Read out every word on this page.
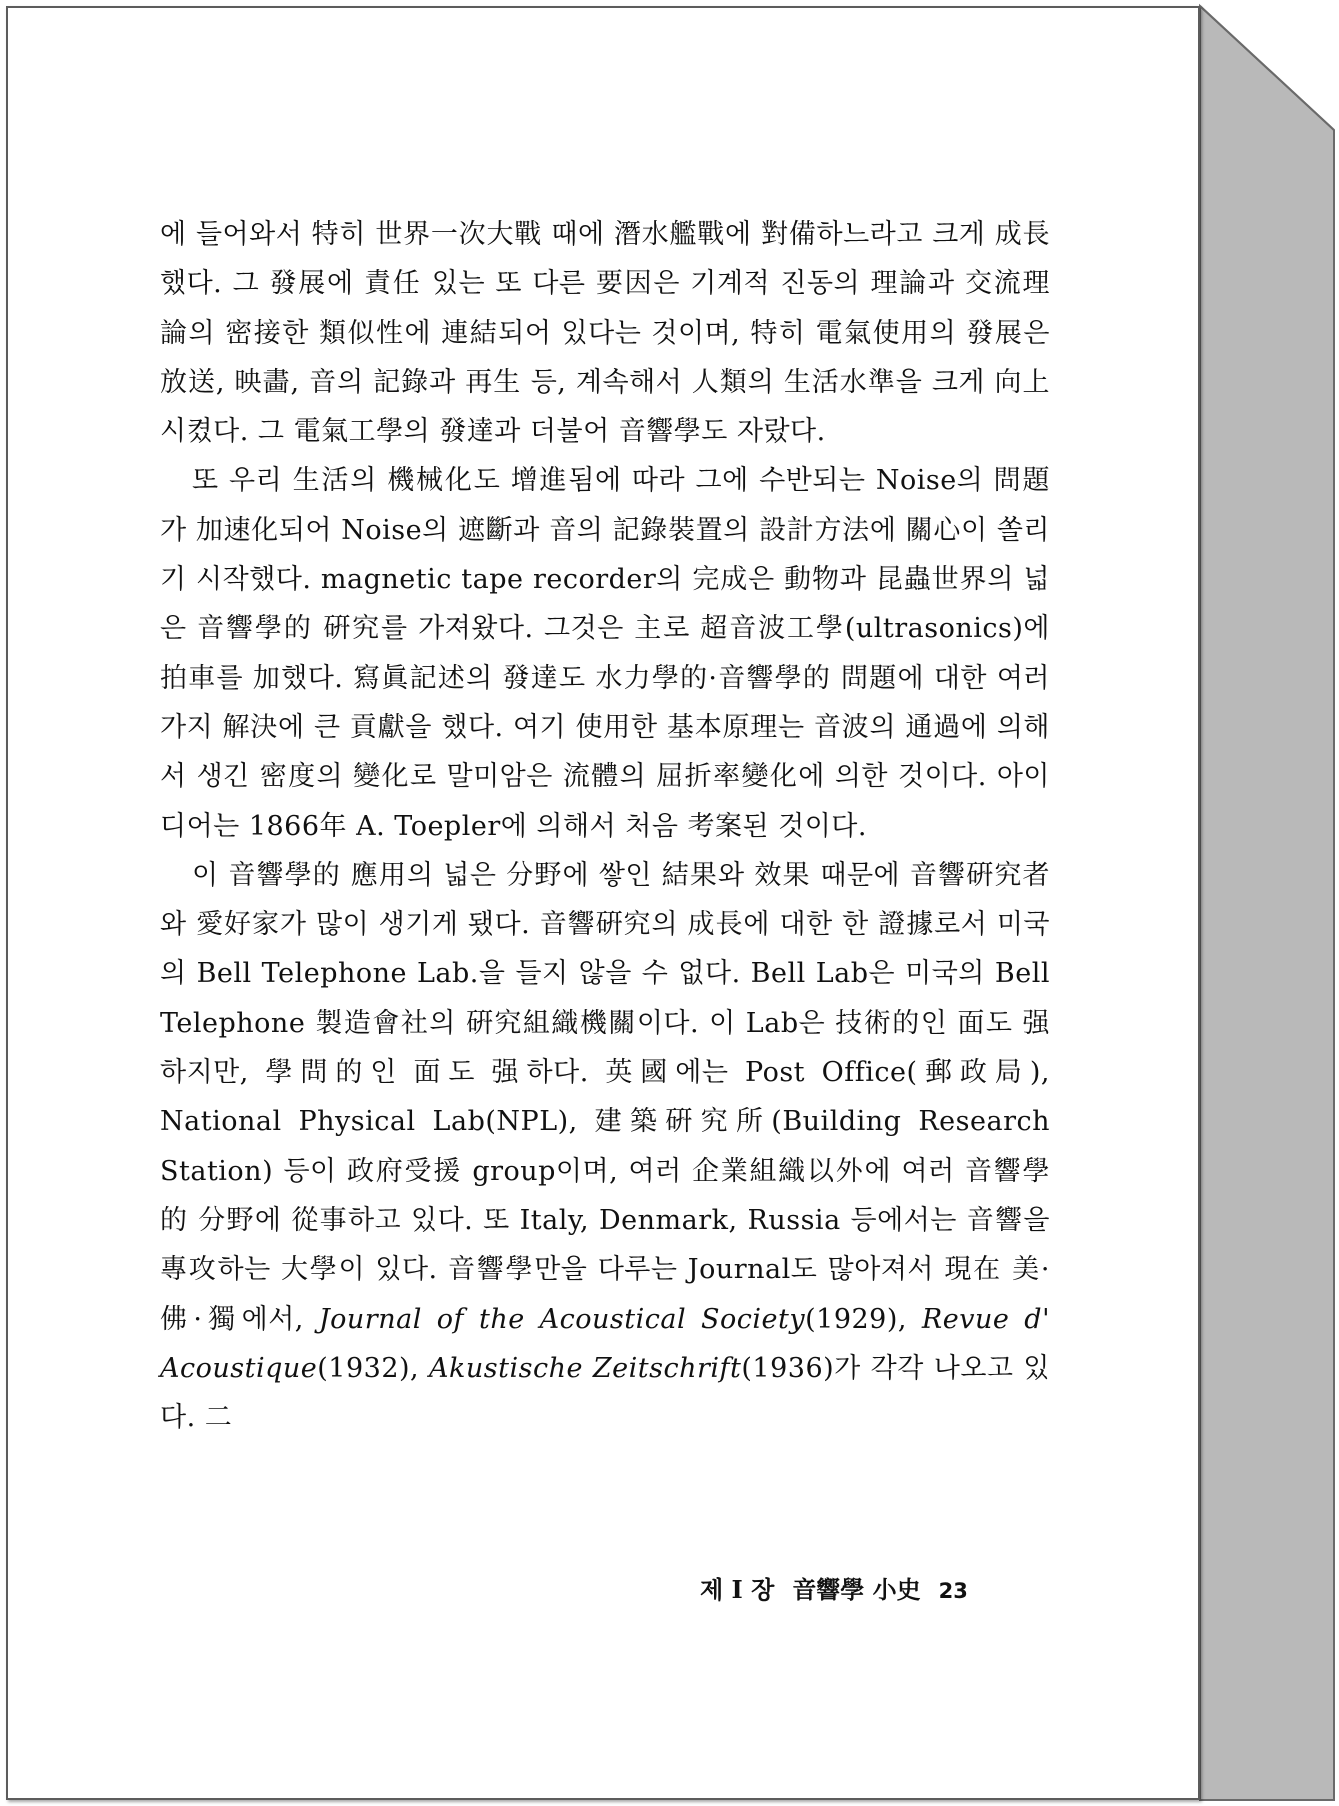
에 들어와서 特히 世界一次大戰 때에 潛水艦戰에 對備하느라고 크게 成長했다. 그 發展에 責任 있는 또 다른 要因은 기계적 진동의 理論과 交流理論의 密接한 類似性에 連結되어 있다는 것이며, 特히 電氣使用의 發展은 放送, 映畵, 音의 記錄과 再生 등, 계속해서 人類의 生活水準을 크게 向上시켰다. 그 電氣工學의 發達과 더불어 音響學도 자랐다.

또 우리 生活의 機械化도 增進됨에 따라 그에 수반되는 Noise의 問題가 加速化되어 Noise의 遮斷과 音의 記錄裝置의 設計方法에 關心이 쏠리기 시작했다. magnetic tape recorder의 完成은 動物과 昆蟲世界의 넓은 音響學的 硏究를 가져왔다. 그것은 主로 超音波工學(ultrasonics)에 拍車를 加했다. 寫眞記述의 發達도 水力學的·音響學的 問題에 대한 여러 가지 解決에 큰 貢獻을 했다. 여기 使用한 基本原理는 音波의 通過에 의해서 생긴 密度의 變化로 말미암은 流體의 屈折率變化에 의한 것이다. 아이디어는 1866年 A. Toepler에 의해서 처음 考案된 것이다.

이 音響學的 應用의 넓은 分野에 쌓인 結果와 效果 때문에 音響硏究者와 愛好家가 많이 생기게 됐다. 音響硏究의 成長에 대한 한 證據로서 미국의 Bell Telephone Lab.을 들지 않을 수 없다. Bell Lab은 미국의 Bell Telephone 製造會社의 硏究組織機關이다. 이 Lab은 技術的인 面도 强하지만, 學問的인 面도 强하다. 英國에는 Post Office(郵政局), National Physical Lab(NPL), 建築硏究所(Building Research Station) 등이 政府受援 group이며, 여러 企業組織以外에 여러 音響學的 分野에 從事하고 있다. 또 Italy, Denmark, Russia 등에서는 音響을 專攻하는 大學이 있다. 音響學만을 다루는 Journal도 많아져서 現在 美·佛·獨에서, Journal of the Acoustical Society(1929), Revue d' Acoustique(1932), Akustische Zeitschrift(1936)가 각각 나오고 있다. 二

제 I 장 音響學 小史 23
